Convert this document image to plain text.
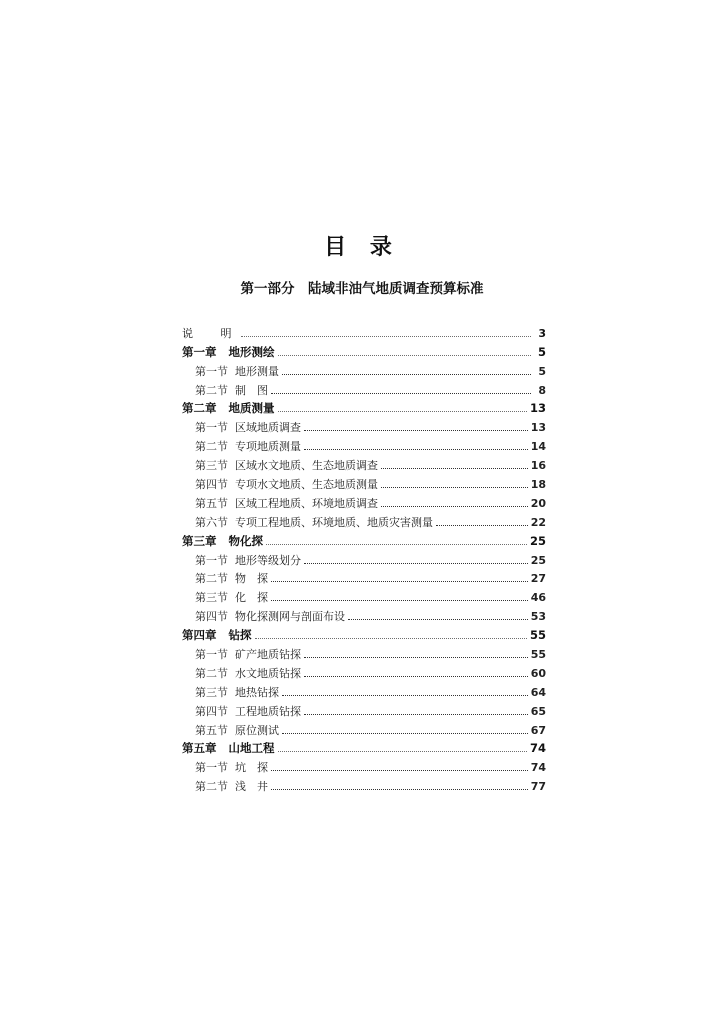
目 录
第一部分　陆域非油气地质调查预算标准
说 明	3
第一章 地形测绘	5
第一节 地形测量	5
第二节 制　图	8
第二章 地质测量	13
第一节 区域地质调查	13
第二节 专项地质测量	14
第三节 区域水文地质、生态地质调查	16
第四节 专项水文地质、生态地质测量	18
第五节 区域工程地质、环境地质调查	20
第六节 专项工程地质、环境地质、地质灾害测量	22
第三章 物化探	25
第一节 地形等级划分	25
第二节 物　探	27
第三节 化　探	46
第四节 物化探测网与剖面布设	53
第四章 钻探	55
第一节 矿产地质钻探	55
第二节 水文地质钻探	60
第三节 地热钻探	64
第四节 工程地质钻探	65
第五节 原位测试	67
第五章 山地工程	74
第一节 坑　探	74
第二节 浅　井	77
